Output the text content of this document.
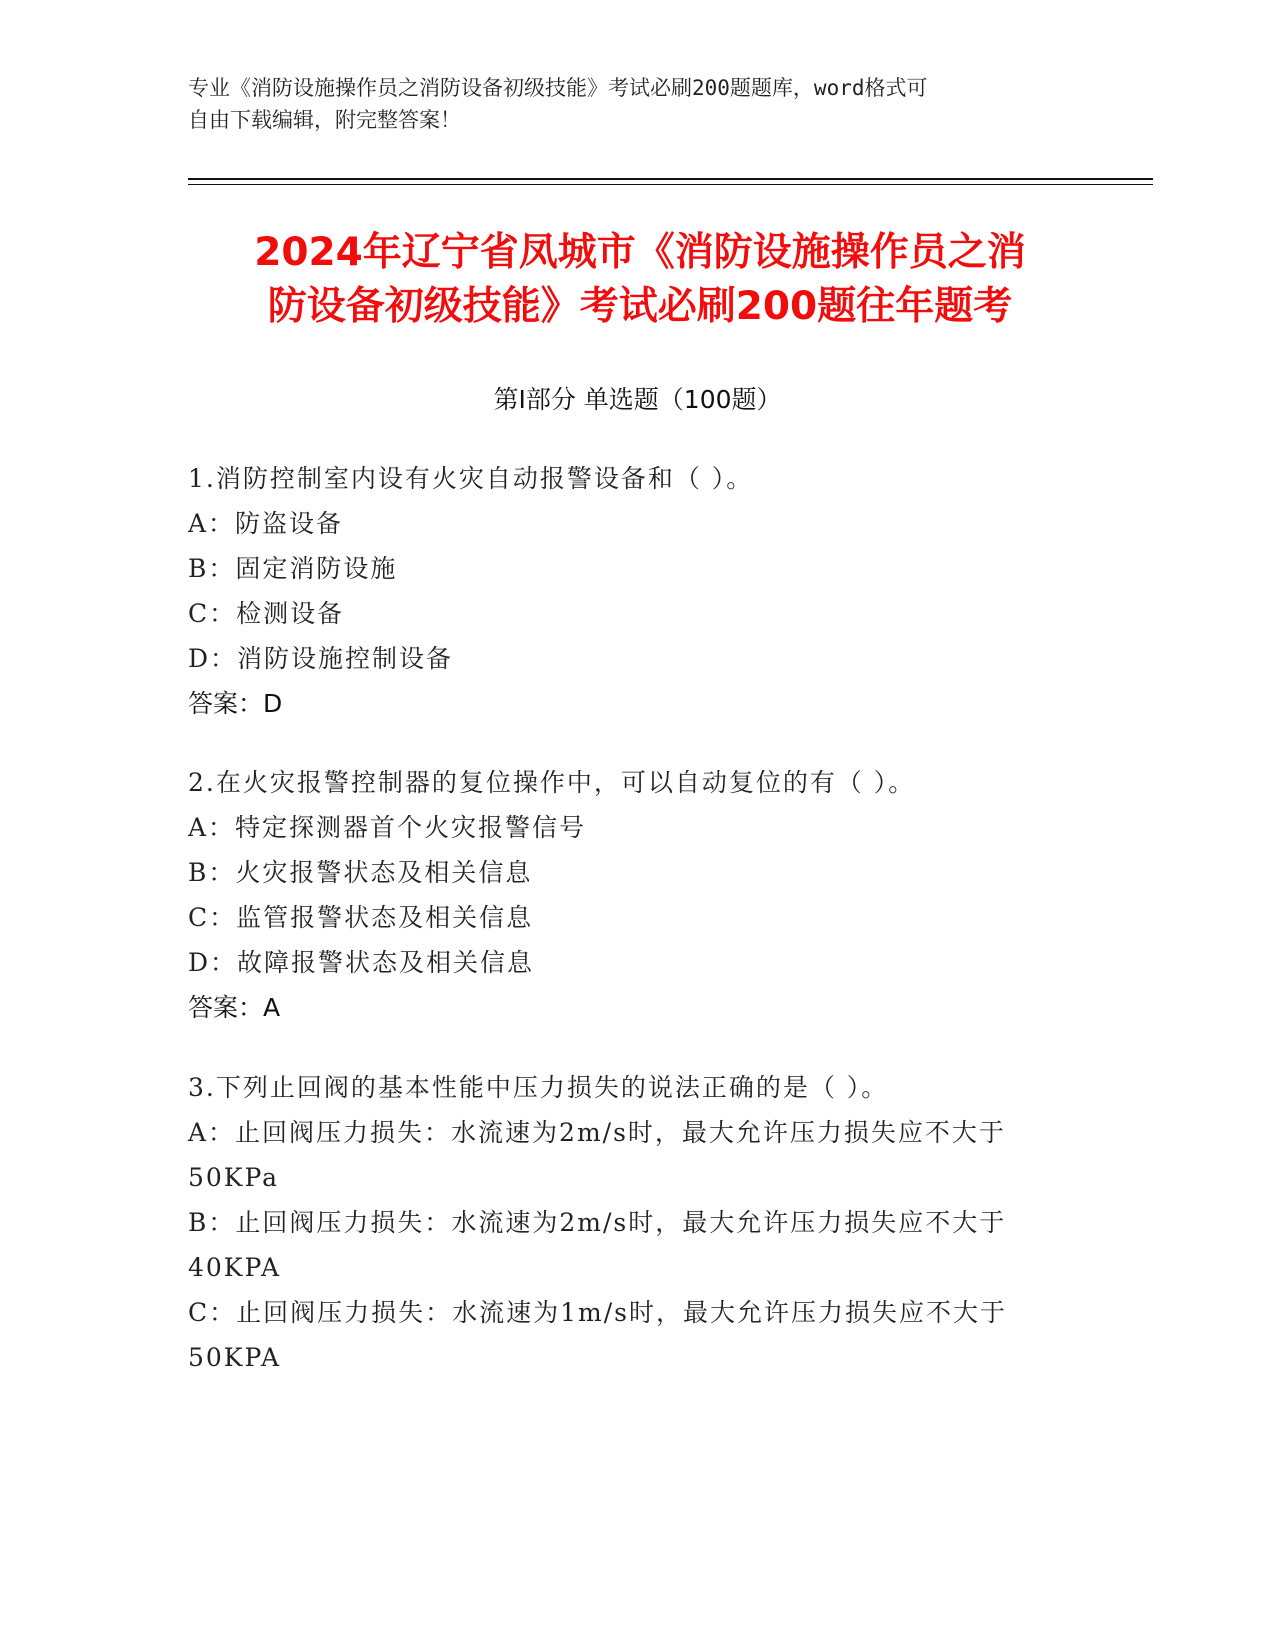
专业《消防设施操作员之消防设备初级技能》考试必刷200题题库，word格式可
自由下载编辑，附完整答案！
2024年辽宁省凤城市《消防设施操作员之消
防设备初级技能》考试必刷200题往年题考
第Ⅰ部分 单选题（100题）

1.消防控制室内设有火灾自动报警设备和（ ）。

A：防盗设备

B：固定消防设施

C：检测设备

D：消防设施控制设备

答案：D

2.在火灾报警控制器的复位操作中，可以自动复位的有（ ）。

A：特定探测器首个火灾报警信号

B：火灾报警状态及相关信息

C：监管报警状态及相关信息

D：故障报警状态及相关信息

答案：A

3.下列止回阀的基本性能中压力损失的说法正确的是（ ）。

A：止回阀压力损失：水流速为2m/s时，最大允许压力损失应不大于50KPa

B：止回阀压力损失：水流速为2m/s时，最大允许压力损失应不大于40KPA

C：止回阀压力损失：水流速为1m/s时，最大允许压力损失应不大于50KPA
